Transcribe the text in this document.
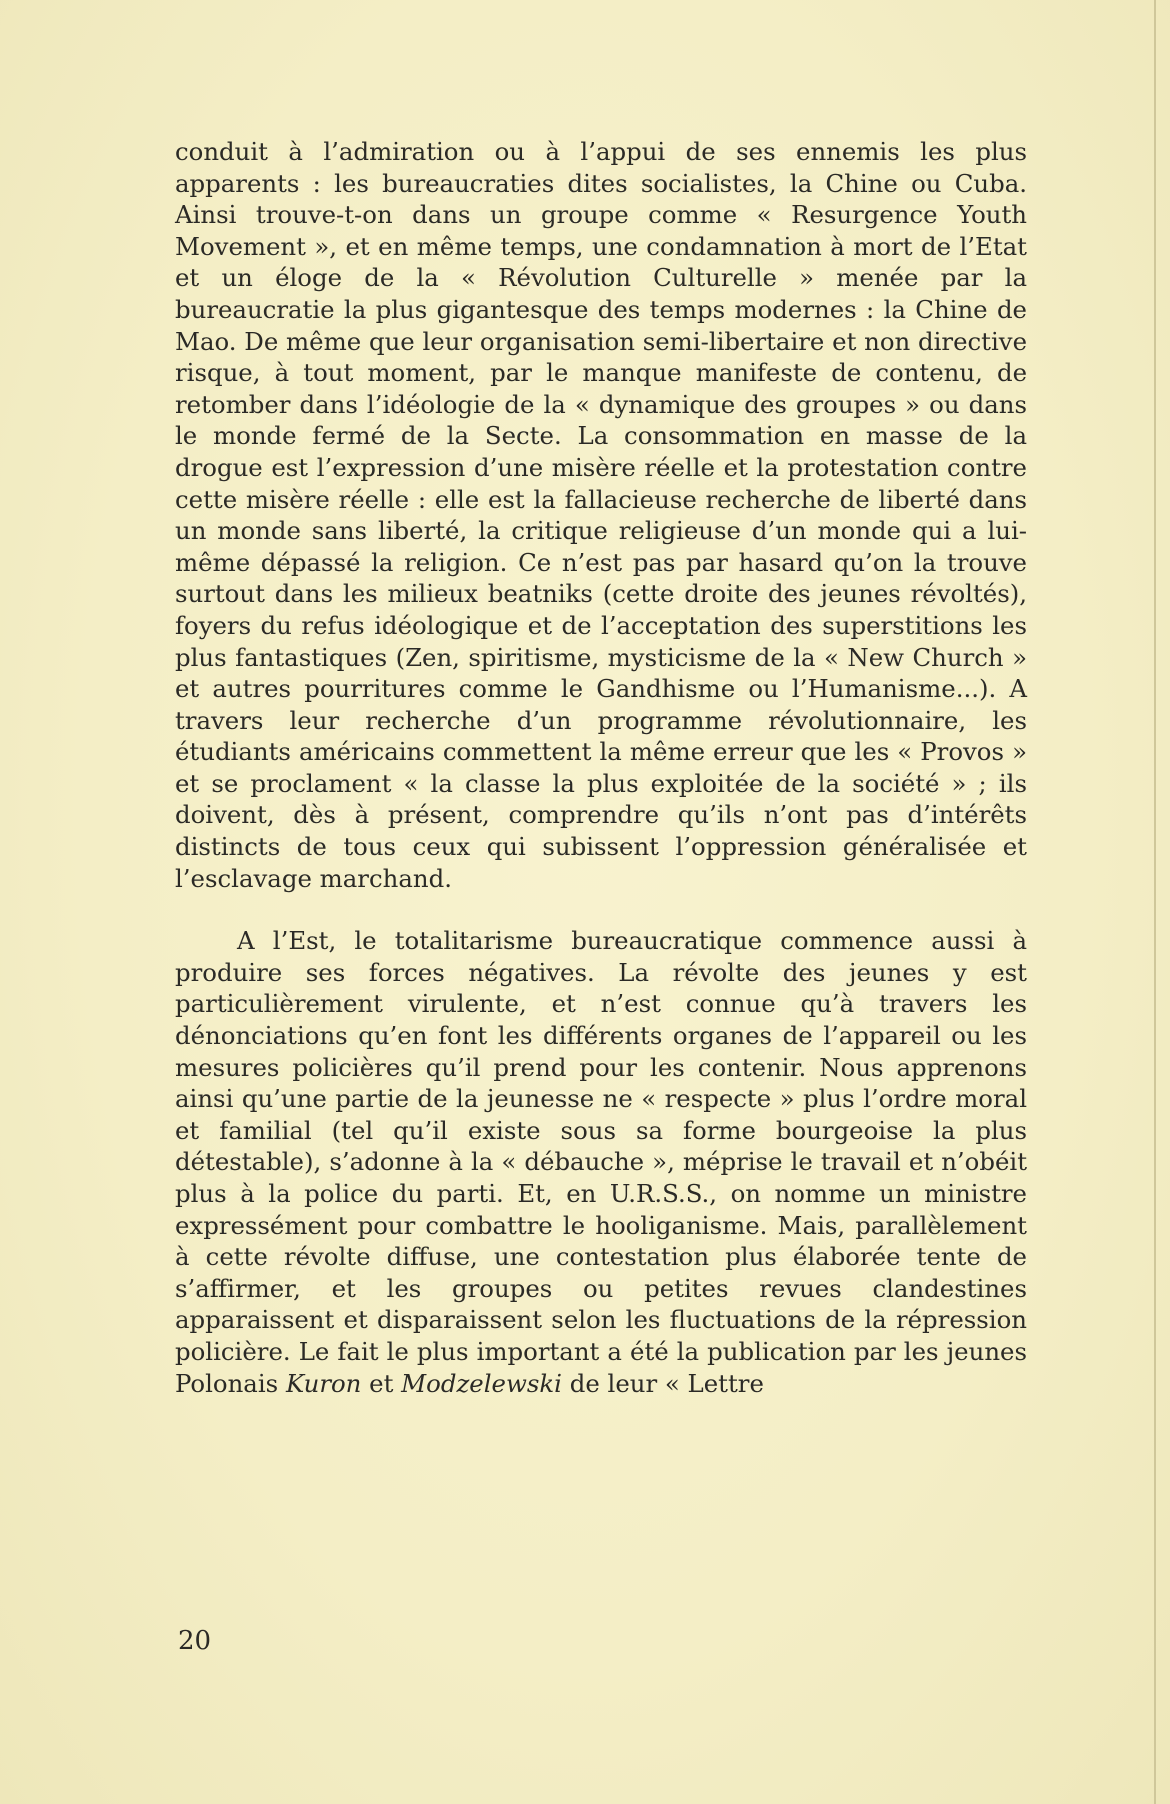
conduit à l’admiration ou à l’appui de ses ennemis les plus apparents : les bureaucraties dites socialistes, la Chine ou Cuba. Ainsi trouve-t-on dans un groupe comme « Resurgence Youth Movement », et en même temps, une condamnation à mort de l’Etat et un éloge de la « Révolution Culturelle » menée par la bureaucratie la plus gigantesque des temps modernes : la Chine de Mao. De même que leur organisation semi-libertaire et non directive risque, à tout moment, par le manque manifeste de contenu, de retomber dans l’idéologie de la « dynamique des groupes » ou dans le monde fermé de la Secte. La consommation en masse de la drogue est l’expression d’une misère réelle et la protestation contre cette misère réelle : elle est la fallacieuse recherche de liberté dans un monde sans liberté, la critique religieuse d’un monde qui a lui-même dépassé la religion. Ce n’est pas par hasard qu’on la trouve surtout dans les milieux beatniks (cette droite des jeunes révoltés), foyers du refus idéologique et de l’acceptation des superstitions les plus fantastiques (Zen, spiritisme, mysticisme de la « New Church » et autres pourritures comme le Gandhisme ou l’Humanisme...). A travers leur recherche d’un programme révolutionnaire, les étudiants américains commettent la même erreur que les « Provos » et se proclament « la classe la plus exploitée de la société » ; ils doivent, dès à présent, comprendre qu’ils n’ont pas d’intérêts distincts de tous ceux qui subissent l’oppression généralisée et l’esclavage marchand.

A l’Est, le totalitarisme bureaucratique commence aussi à produire ses forces négatives. La révolte des jeunes y est particulièrement virulente, et n’est connue qu’à travers les dénonciations qu’en font les différents organes de l’appareil ou les mesures policières qu’il prend pour les contenir. Nous apprenons ainsi qu’une partie de la jeunesse ne « respecte » plus l’ordre moral et familial (tel qu’il existe sous sa forme bourgeoise la plus détestable), s’adonne à la « débauche », méprise le travail et n’obéit plus à la police du parti. Et, en U.R.S.S., on nomme un ministre expressément pour combattre le hooliganisme. Mais, parallèlement à cette révolte diffuse, une contestation plus élaborée tente de s’affirmer, et les groupes ou petites revues clandestines apparaissent et disparaissent selon les fluctuations de la répression policière. Le fait le plus important a été la publication par les jeunes Polonais Kuron et Modzelewski de leur « Lettre

20
